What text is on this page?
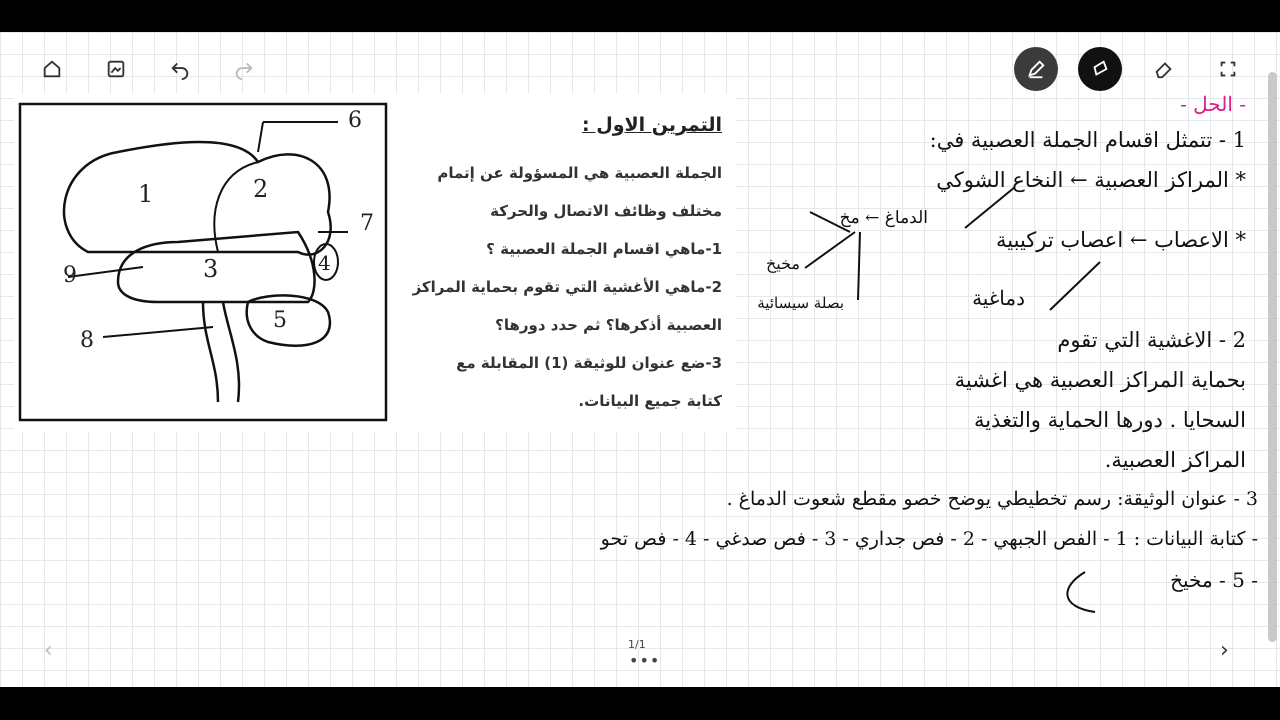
1	2
3	4
5
6
7
8
9
التمرين الاول :
الجملة العصبية هي المسؤولة عن إتمام
مختلف وظائف الاتصال والحركة
1-ماهي اقسام الجملة العصبية ؟
2-ماهي الأغشية التي تقوم بحماية المراكز
العصبية أذكرها؟ ثم حدد دورها؟
3-ضع عنوان للوثيقة (1) المقابلة مع
كتابة جميع البيانات.
- الحل -
1 - تتمثل اقسام الجملة العصبية في:
* المراكز العصبية ← النخاع الشوكي
الدماغ ← مخ
* الاعصاب ← اعصاب تركيبية
مخيخ
دماغية
بصلة سيسائية
2 - الاغشية التي تقوم
بحماية المراكز العصبية هي اغشية
السحايا . دورها الحماية والتغذية
المراكز العصبية.
3 - عنوان الوثيقة: رسم تخطيطي يوضح خصو مقطع شعوت الدماغ .
- كتابة البيانات : 1 - الفص الجبهي - 2 - فص جداري - 3 - فص صدغي - 4 - فص تحو
- 5 - مخيخ
‹	›
1/1
•••
